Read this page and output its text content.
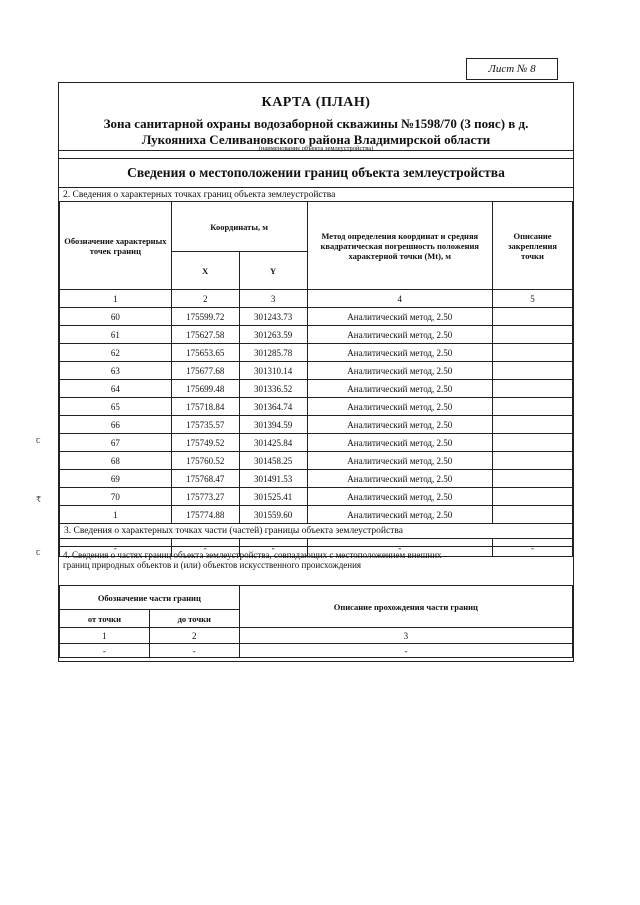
Лист № 8
КАРТА (ПЛАН)
Зона санитарной охраны водозаборной скважины №1598/70 (3 пояс) в д.
Лукояниха Селивановского района Владимирской области
(наименование объекта землеустройства)
Сведения о местоположении границ объекта землеустройства
2. Сведения о характерных точках границ объекта землеустройства
Обозначение характерных точек границ	Координаты, м		Метод определения координат и средняя квадратическая погрешность положения характерной точки (Mt), м	Описание закрепления точки
	X	Y		
1	2	3	4	5
60	175599.72	301243.73	Аналитический метод, 2.50	
61	175627.58	301263.59	Аналитический метод, 2.50	
62	175653.65	301285.78	Аналитический метод, 2.50	
63	175677.68	301310.14	Аналитический метод, 2.50	
64	175699.48	301336.52	Аналитический метод, 2.50	
65	175718.84	301364.74	Аналитический метод, 2.50	
66	175735.57	301394.59	Аналитический метод, 2.50	
67	175749.52	301425.84	Аналитический метод, 2.50	
68	175760.52	301458.25	Аналитический метод, 2.50	
69	175768.47	301491.53	Аналитический метод, 2.50	
70	175773.27	301525.41	Аналитический метод, 2.50	
1	175774.88	301559.60	Аналитический метод, 2.50	
3. Сведения о характерных точках части (частей) границы объекта землеустройства				
-	-	-	-	-
4. Сведения о частях границ объекта землеустройства, совпадающих с местоположением внешних
границ природных объектов и (или) объектов искусственного происхождения
Обозначение части границ		Описание прохождения части границ
от точки	до точки	
1	2	3
-	-	-
ꞇ
₹
ꞇ
